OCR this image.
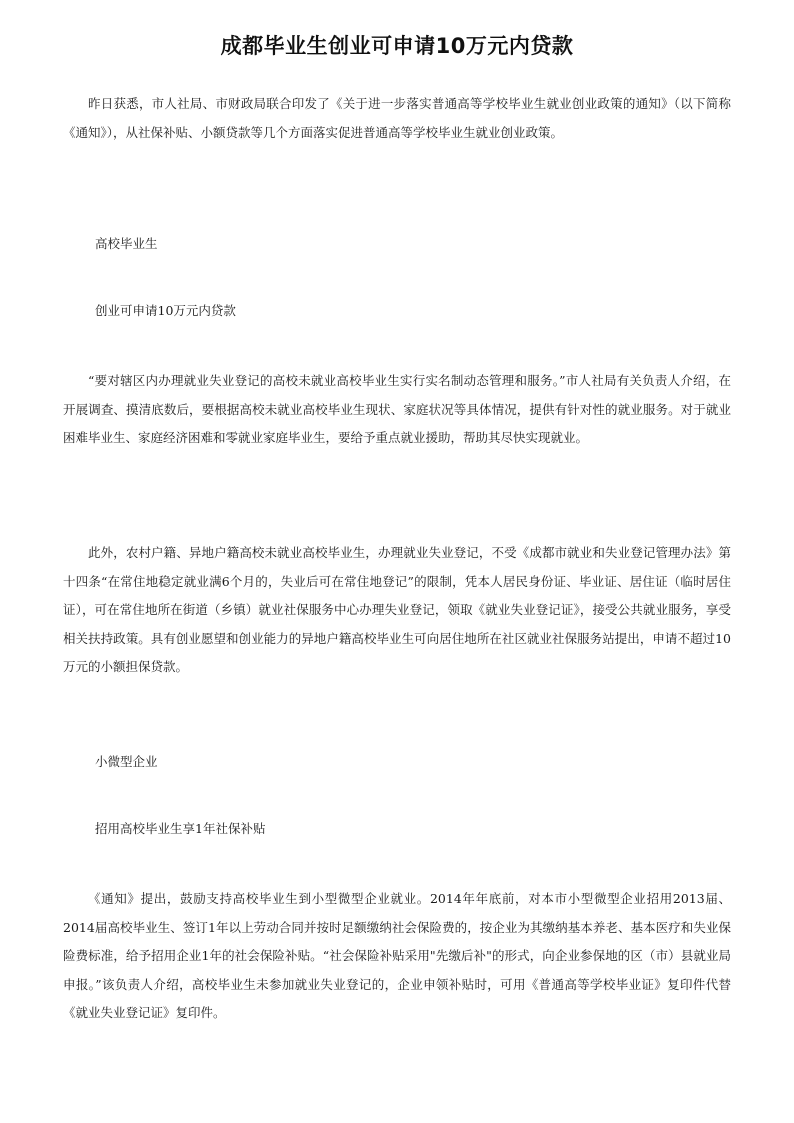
成都毕业生创业可申请10万元内贷款

昨日获悉，市人社局、市财政局联合印发了《关于进一步落实普通高等学校毕业生就业创业政策的通知》（以下简称《通知》），从社保补贴、小额贷款等几个方面落实促进普通高等学校毕业生就业创业政策。

高校毕业生

创业可申请10万元内贷款

“要对辖区内办理就业失业登记的高校未就业高校毕业生实行实名制动态管理和服务。”市人社局有关负责人介绍，在开展调查、摸清底数后，要根据高校未就业高校毕业生现状、家庭状况等具体情况，提供有针对性的就业服务。对于就业困难毕业生、家庭经济困难和零就业家庭毕业生，要给予重点就业援助，帮助其尽快实现就业。

此外，农村户籍、异地户籍高校未就业高校毕业生，办理就业失业登记，不受《成都市就业和失业登记管理办法》第十四条“在常住地稳定就业满6个月的，失业后可在常住地登记”的限制，凭本人居民身份证、毕业证、居住证（临时居住证），可在常住地所在街道（乡镇）就业社保服务中心办理失业登记，领取《就业失业登记证》，接受公共就业服务，享受相关扶持政策。具有创业愿望和创业能力的异地户籍高校毕业生可向居住地所在社区就业社保服务站提出，申请不超过10万元的小额担保贷款。

小微型企业

招用高校毕业生享1年社保补贴

《通知》提出，鼓励支持高校毕业生到小型微型企业就业。2014年年底前，对本市小型微型企业招用2013届、2014届高校毕业生、签订1年以上劳动合同并按时足额缴纳社会保险费的，按企业为其缴纳基本养老、基本医疗和失业保险费标准，给予招用企业1年的社会保险补贴。“社会保险补贴采用"先缴后补"的形式，向企业参保地的区（市）县就业局申报。”该负责人介绍，高校毕业生未参加就业失业登记的，企业申领补贴时，可用《普通高等学校毕业证》复印件代替《就业失业登记证》复印件。
